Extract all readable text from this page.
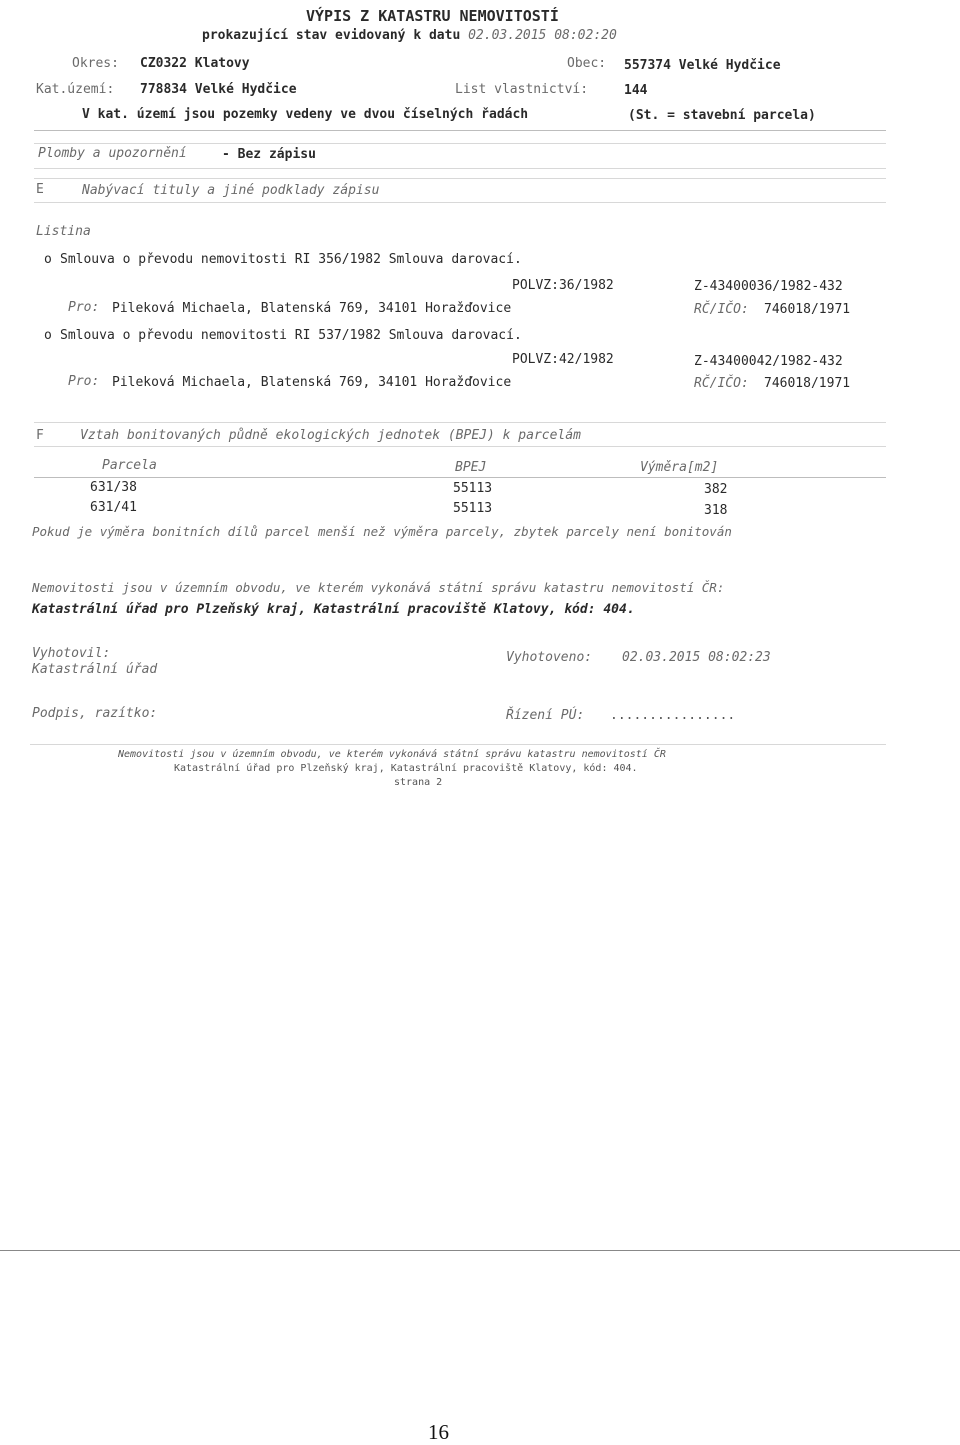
VÝPIS Z KATASTRU NEMOVITOSTÍ
prokazující stav evidovaný k datu 02.03.2015 08:02:20
Okres: CZ0322 Klatovy	Obec: 557374 Velké Hydčice
Kat.území: 778834 Velké Hydčice	List vlastnictví:	144
V kat. území jsou pozemky vedeny ve dvou číselných řadách	(St. = stavební parcela)
Plomby a upozornění	- Bez zápisu
E	Nabývací tituly a jiné podklady zápisu
Listina
o Smlouva o převodu nemovitosti RI 356/1982 Smlouva darovací.
POLVZ:36/1982	Z-43400036/1982-432
Pro: Pileková Michaela, Blatenská 769, 34101 Horažďovice	RČ/IČO: 746018/1971
o Smlouva o převodu nemovitosti RI 537/1982 Smlouva darovací.
POLVZ:42/1982	Z-43400042/1982-432
Pro: Pileková Michaela, Blatenská 769, 34101 Horažďovice	RČ/IČO: 746018/1971
F	Vztah bonitovaných půdně ekologických jednotek (BPEJ) k parcelám
Parcela	BPEJ	Výměra[m2]
631/38	55113	382
631/41	55113	318
Pokud je výměra bonitních dílů parcel menší než výměra parcely, zbytek parcely není bonitován
Nemovitosti jsou v územním obvodu, ve kterém vykonává státní správu katastru nemovitostí ČR:
Katastrální úřad pro Plzeňský kraj, Katastrální pracoviště Klatovy, kód: 404.
Vyhotovil:
Katastrální úřad
Vyhotoveno: 02.03.2015 08:02:23
Podpis, razítko:	Řízení PÚ: ................
Nemovitosti jsou v územním obvodu, ve kterém vykonává státní správu katastru nemovitostí ČR
Katastrální úřad pro Plzeňský kraj, Katastrální pracoviště Klatovy, kód: 404.
strana 2
16
